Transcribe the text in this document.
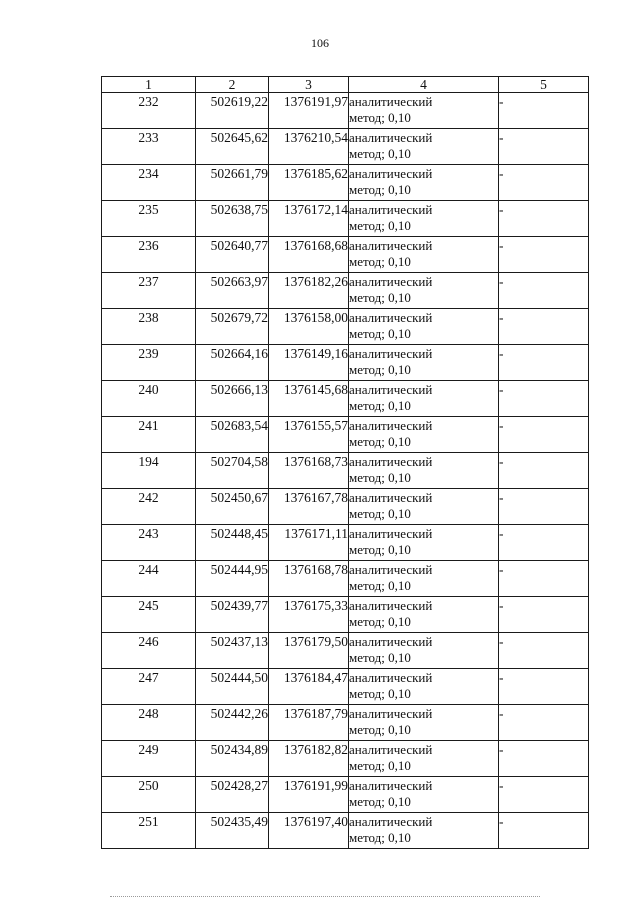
106
1	2	3	4	5
232	502619,22	1376191,97	аналитический
метод; 0,10	-
233	502645,62	1376210,54	аналитический
метод; 0,10	-
234	502661,79	1376185,62	аналитический
метод; 0,10	-
235	502638,75	1376172,14	аналитический
метод; 0,10	-
236	502640,77	1376168,68	аналитический
метод; 0,10	-
237	502663,97	1376182,26	аналитический
метод; 0,10	-
238	502679,72	1376158,00	аналитический
метод; 0,10	-
239	502664,16	1376149,16	аналитический
метод; 0,10	-
240	502666,13	1376145,68	аналитический
метод; 0,10	-
241	502683,54	1376155,57	аналитический
метод; 0,10	-
194	502704,58	1376168,73	аналитический
метод; 0,10	-
242	502450,67	1376167,78	аналитический
метод; 0,10	-
243	502448,45	1376171,11	аналитический
метод; 0,10	-
244	502444,95	1376168,78	аналитический
метод; 0,10	-
245	502439,77	1376175,33	аналитический
метод; 0,10	-
246	502437,13	1376179,50	аналитический
метод; 0,10	-
247	502444,50	1376184,47	аналитический
метод; 0,10	-
248	502442,26	1376187,79	аналитический
метод; 0,10	-
249	502434,89	1376182,82	аналитический
метод; 0,10	-
250	502428,27	1376191,99	аналитический
метод; 0,10	-
251	502435,49	1376197,40	аналитический
метод; 0,10	-
